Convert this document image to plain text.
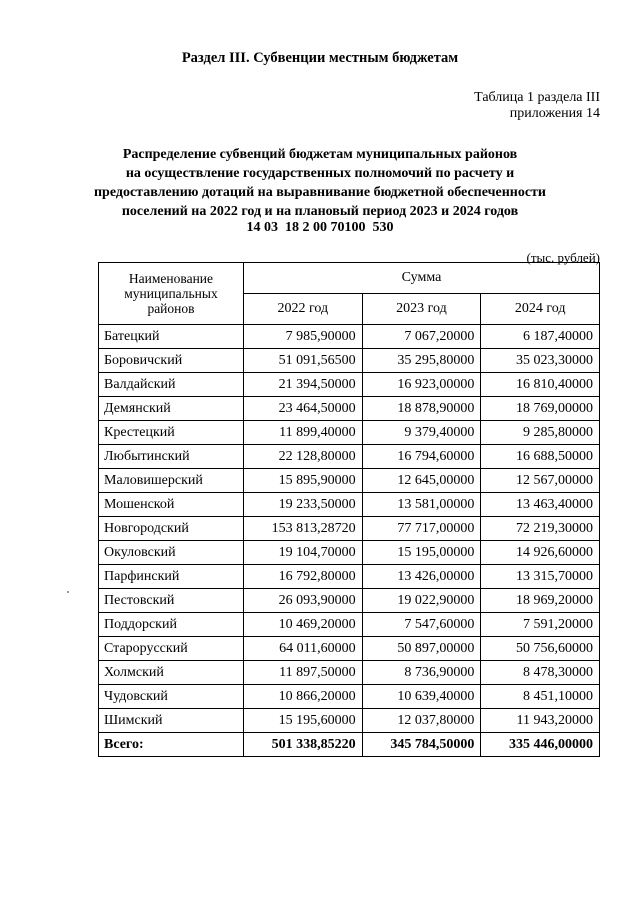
Раздел III. Субвенции местным бюджетам
Таблица 1 раздела III
приложения 14
Распределение субвенций бюджетам муниципальных районов
на осуществление государственных полномочий по расчету и
предоставлению дотаций на выравнивание бюджетной обеспеченности
поселений на 2022 год и на плановый период 2023 и 2024 годов
14 03  18 2 00 70100  530
(тыс. рублей)
Наименование
муниципальных
районов	Сумма		
	2022 год	2023 год	2024 год
Батецкий	7 985,90000	7 067,20000	6 187,40000
Боровичский	51 091,56500	35 295,80000	35 023,30000
Валдайский	21 394,50000	16 923,00000	16 810,40000
Демянский	23 464,50000	18 878,90000	18 769,00000
Крестецкий	11 899,40000	9 379,40000	9 285,80000
Любытинский	22 128,80000	16 794,60000	16 688,50000
Маловишерский	15 895,90000	12 645,00000	12 567,00000
Мошенской	19 233,50000	13 581,00000	13 463,40000
Новгородский	153 813,28720	77 717,00000	72 219,30000
Окуловский	19 104,70000	15 195,00000	14 926,60000
Парфинский	16 792,80000	13 426,00000	13 315,70000
Пестовский	26 093,90000	19 022,90000	18 969,20000
Поддорский	10 469,20000	7 547,60000	7 591,20000
Старорусский	64 011,60000	50 897,00000	50 756,60000
Холмский	11 897,50000	8 736,90000	8 478,30000
Чудовский	10 866,20000	10 639,40000	8 451,10000
Шимский	15 195,60000	12 037,80000	11 943,20000
Всего:	501 338,85220	345 784,50000	335 446,00000
